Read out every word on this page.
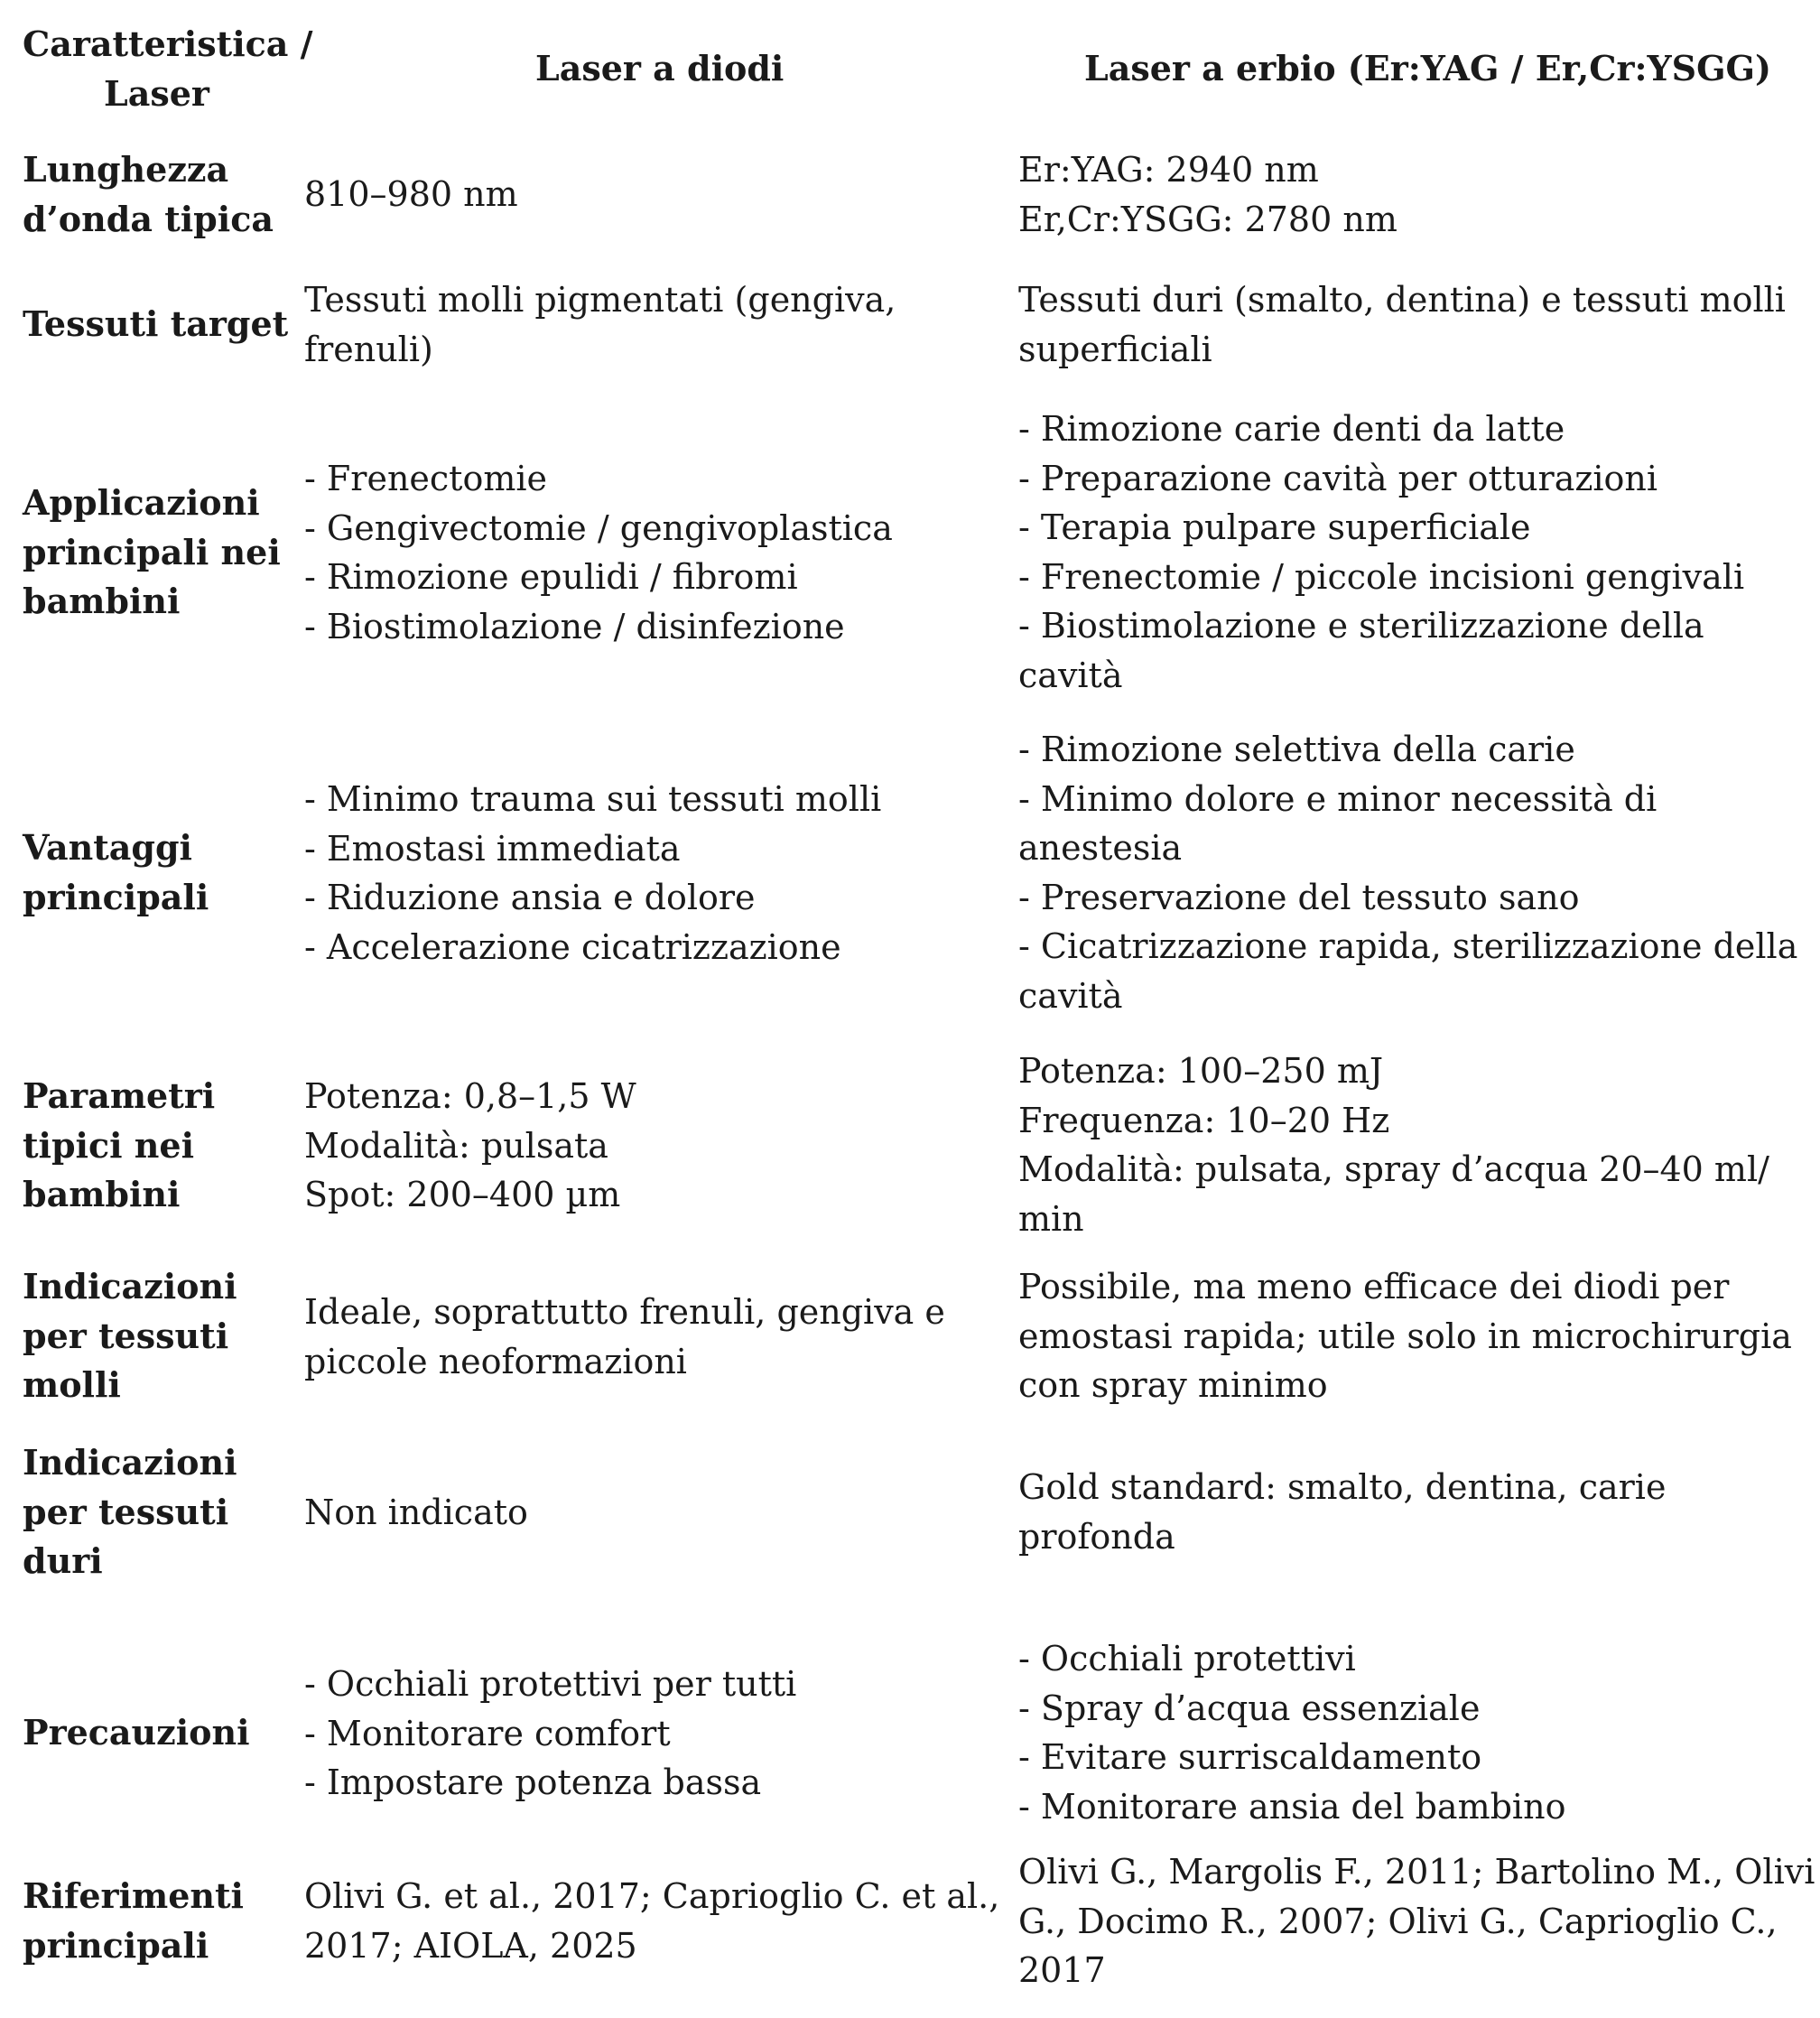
Caratteristica /
Laser
Laser a diodi	Laser a erbio (Er:YAG / Er,Cr:YSGG)
Lunghezza
d’onda tipica
810–980 nm
Er:YAG: 2940 nm
Er,Cr:YSGG: 2780 nm
Tessuti target
Tessuti molli pigmentati (gengiva,
frenuli)
Tessuti duri (smalto, dentina) e tessuti molli
superficiali
Applicazioni
principali nei
bambini
- Frenectomie
- Gengivectomie / gengivoplastica
- Rimozione epulidi / fibromi
- Biostimolazione / disinfezione
- Rimozione carie denti da latte
- Preparazione cavità per otturazioni
- Terapia pulpare superficiale
- Frenectomie / piccole incisioni gengivali
- Biostimolazione e sterilizzazione della
cavità
Vantaggi
principali
- Minimo trauma sui tessuti molli
- Emostasi immediata
- Riduzione ansia e dolore
- Accelerazione cicatrizzazione
- Rimozione selettiva della carie
- Minimo dolore e minor necessità di
anestesia
- Preservazione del tessuto sano
- Cicatrizzazione rapida, sterilizzazione della
cavità
Parametri
tipici nei
bambini
Potenza: 0,8–1,5 W
Modalità: pulsata
Spot: 200–400 µm
Potenza: 100–250 mJ
Frequenza: 10–20 Hz
Modalità: pulsata, spray d’acqua 20–40 ml/
min
Indicazioni
per tessuti
molli
Ideale, soprattutto frenuli, gengiva e
piccole neoformazioni
Possibile, ma meno efficace dei diodi per
emostasi rapida; utile solo in microchirurgia
con spray minimo
Indicazioni
per tessuti
duri
Non indicato
Gold standard: smalto, dentina, carie
profonda
Precauzioni
- Occhiali protettivi per tutti
- Monitorare comfort
- Impostare potenza bassa
- Occhiali protettivi
- Spray d’acqua essenziale
- Evitare surriscaldamento
- Monitorare ansia del bambino
Riferimenti
principali
Olivi G. et al., 2017; Caprioglio C. et al.,
2017; AIOLA, 2025
Olivi G., Margolis F., 2011; Bartolino M., Olivi
G., Docimo R., 2007; Olivi G., Caprioglio C.,
2017
